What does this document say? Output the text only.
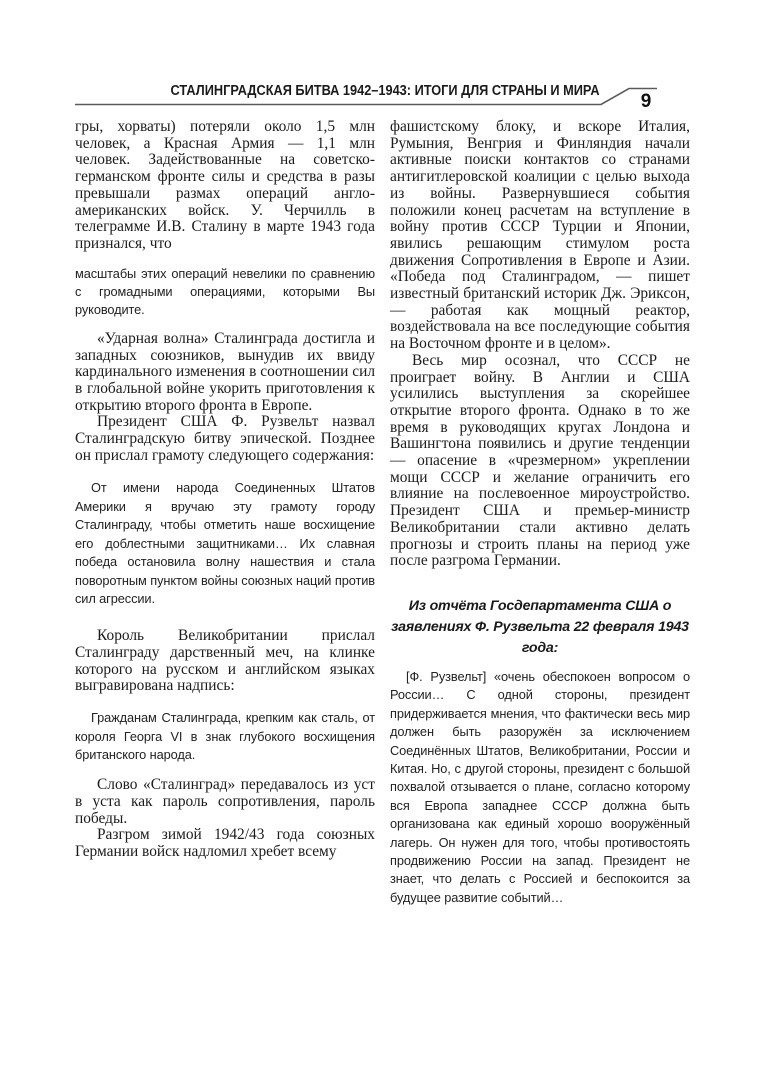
СТАЛИНГРАДСКАЯ БИТВА 1942–1943: ИТОГИ ДЛЯ СТРАНЫ И МИРА	9

гры, хорваты) потеряли около 1,5 млн человек, а Красная Армия — 1,1 млн человек. Задействованные на советско-германском фронте силы и средства в разы превышали размах операций англо-американских войск. У. Черчилль в телеграмме И.В. Сталину в марте 1943 года признался, что

масштабы этих операций невелики по сравнению с громадными операциями, которыми Вы руководите.

«Ударная волна» Сталинграда достигла и западных союзников, вынудив их ввиду кардинального изменения в соотношении сил в глобальной войне укорить приготовления к открытию второго фронта в Европе.

Президент США Ф. Рузвельт назвал Сталинградскую битву эпической. Позднее он прислал грамоту следующего содержания:

От имени народа Соединенных Штатов Америки я вручаю эту грамоту городу Сталинграду, чтобы отметить наше восхищение его доблестными защитниками… Их славная победа остановила волну нашествия и стала поворотным пунктом войны союзных наций против сил агрессии.

Король Великобритании прислал Сталинграду дарственный меч, на клинке которого на русском и английском языках выгравирована надпись:

Гражданам Сталинграда, крепким как сталь, от короля Георга VI в знак глубокого восхищения британского народа.

Слово «Сталинград» передавалось из уст в уста как пароль сопротивления, пароль победы.

Разгром зимой 1942/43 года союзных Германии войск надломил хребет всему

фашистскому блоку, и вскоре Италия, Румыния, Венгрия и Финляндия начали активные поиски контактов со странами антигитлеровской коалиции с целью выхода из войны. Развернувшиеся события положили конец расчетам на вступление в войну против СССР Турции и Японии, явились решающим стимулом роста движения Сопротивления в Европе и Азии. «Победа под Сталинградом, — пишет известный британский историк Дж. Эриксон, — работая как мощный реактор, воздействовала на все последующие события на Восточном фронте и в целом».

Весь мир осознал, что СССР не проиграет войну. В Англии и США усилились выступления за скорейшее открытие второго фронта. Однако в то же время в руководящих кругах Лондона и Вашингтона появились и другие тенденции — опасение в «чрезмерном» укреплении мощи СССР и желание ограничить его влияние на послевоенное мироустройство. Президент США и премьер-министр Великобритании стали активно делать прогнозы и строить планы на период уже после разгрома Германии.

Из отчёта Госдепартамента США о заявлениях Ф. Рузвельта 22 февраля 1943 года:

[Ф. Рузвельт] «очень обеспокоен вопросом о России… С одной стороны, президент придерживается мнения, что фактически весь мир должен быть разоружён за исключением Соединённых Штатов, Великобритании, России и Китая. Но, с другой стороны, президент с большой похвалой отзывается о плане, согласно которому вся Европа западнее СССР должна быть организована как единый хорошо вооружённый лагерь. Он нужен для того, чтобы противостоять продвижению России на запад. Президент не знает, что делать с Россией и беспокоится за будущее развитие событий…
